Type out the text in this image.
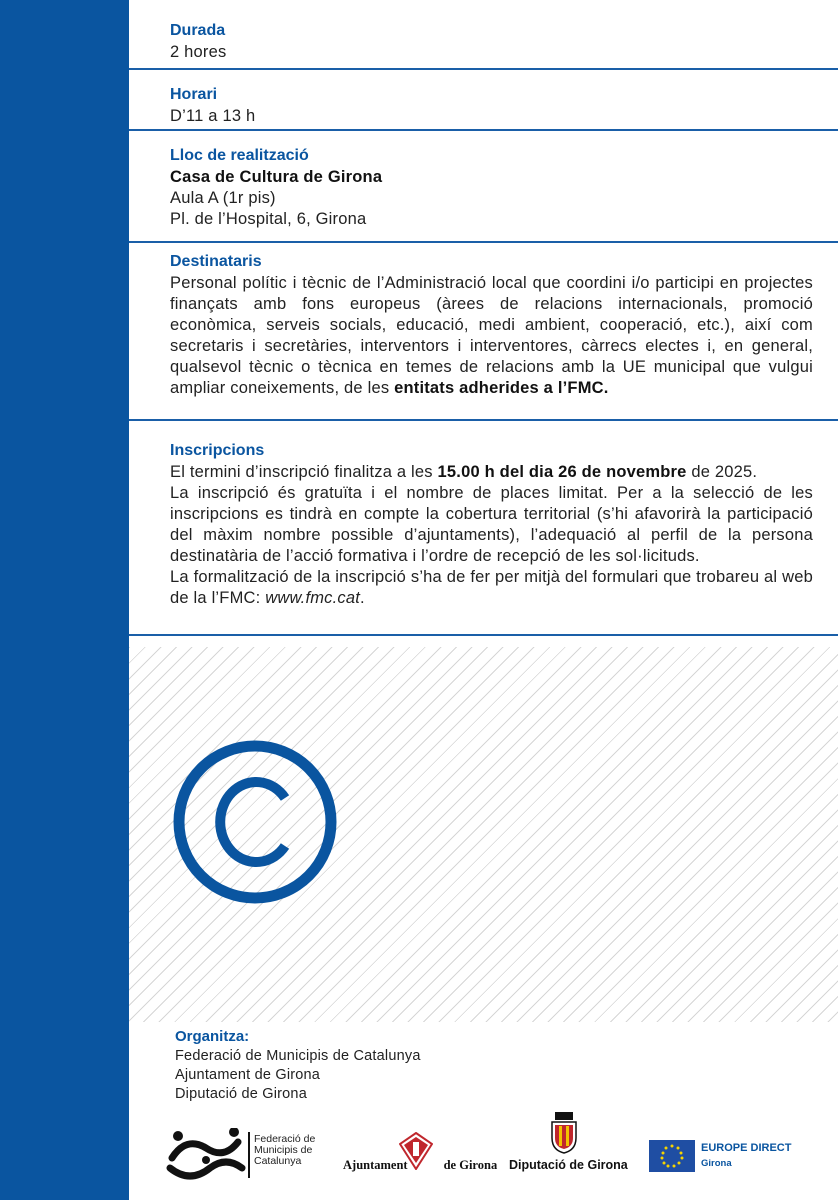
Durada
2 hores
Horari
D’11 a 13 h
Lloc de realització
Casa de Cultura de Girona
Aula A (1r pis)
Pl. de l’Hospital, 6, Girona
Destinataris
Personal polític i tècnic de l’Administració local que coordini i/o participi en projectes finançats amb fons europeus (àrees de relacions internacionals, promoció econòmica, serveis socials, educació, medi ambient, cooperació, etc.), així com secretaris i secretàries, interventors i interventores, càrrecs electes i, en general, qualsevol tècnic o tècnica en temes de relacions amb la UE municipal que vulgui ampliar coneixements, de les entitats adherides a l’FMC.
Inscripcions
El termini d’inscripció finalitza a les 15.00 h del dia 26 de novembre de 2025.
La inscripció és gratuïta i el nombre de places limitat. Per a la selecció de les inscripcions es tindrà en compte la cobertura territorial (s’hi afavorirà la participació del màxim nombre possible d’ajuntaments), l’adequació al perfil de la persona destinatària de l’acció formativa i l’ordre de recepció de les sol·licituds.
La formalització de la inscripció s’ha de fer per mitjà del formulari que trobareu al web de la l’FMC: www.fmc.cat.
Organitza:
Federació de Municipis de Catalunya
Ajuntament de Girona
Diputació de Girona
Federació de
Municipis de
Catalunya	Ajuntament	de Girona Diputació de Girona
EUROPE DIRECT
Girona
